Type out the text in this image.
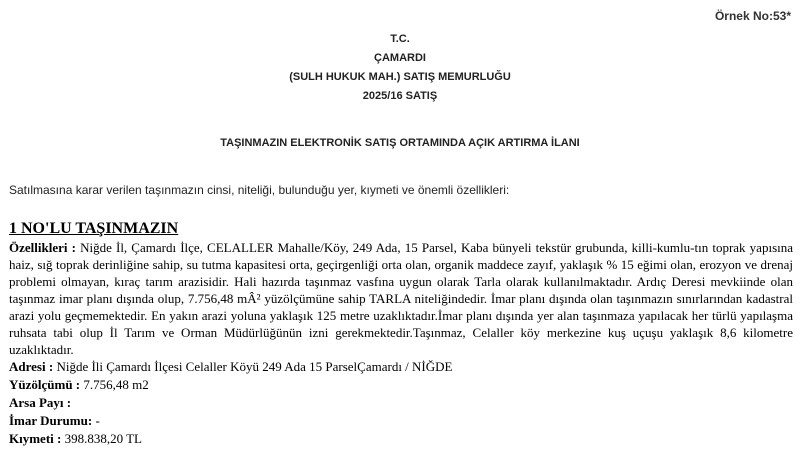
Örnek No:53*
T.C.
ÇAMARDI
(SULH HUKUK MAH.) SATIŞ MEMURLUĞU
2025/16 SATIŞ
TAŞINMAZIN ELEKTRONİK SATIŞ ORTAMINDA AÇIK ARTIRMA İLANI
Satılmasına karar verilen taşınmazın cinsi, niteliği, bulunduğu yer, kıymeti ve önemli özellikleri:

1 NO'LU TAŞINMAZIN

Özellikleri : Niğde İl, Çamardı İlçe, CELALLER Mahalle/Köy, 249 Ada, 15 Parsel, Kaba bünyeli tekstür grubunda, killi-kumlu-tın toprak yapısına haiz, sığ toprak derinliğine sahip, su tutma kapasitesi orta, geçirgenliği orta olan, organik maddece zayıf, yaklaşık % 15 eğimi olan, erozyon ve drenaj problemi olmayan, kıraç tarım arazisidir. Hali hazırda taşınmaz vasfına uygun olarak Tarla olarak kullanılmaktadır. Ardıç Deresi mevkiinde olan taşınmaz imar planı dışında olup, 7.756,48 mÂ² yüzölçümüne sahip TARLA niteliğindedir. İmar planı dışında olan taşınmazın sınırlarından kadastral arazi yolu geçmemektedir. En yakın arazi yoluna yaklaşık 125 metre uzaklıktadır.İmar planı dışında yer alan taşınmaza yapılacak her türlü yapılaşma ruhsata tabi olup İl Tarım ve Orman Müdürlüğünün izni gerekmektedir.Taşınmaz, Celaller köy merkezine kuş uçuşu yaklaşık 8,6 kilometre uzaklıktadır.

Adresi : Niğde İli Çamardı İlçesi Celaller Köyü 249 Ada 15 ParselÇamardı / NİĞDE

Yüzölçümü : 7.756,48 m2

Arsa Payı :

İmar Durumu: -

Kıymeti : 398.838,20 TL
